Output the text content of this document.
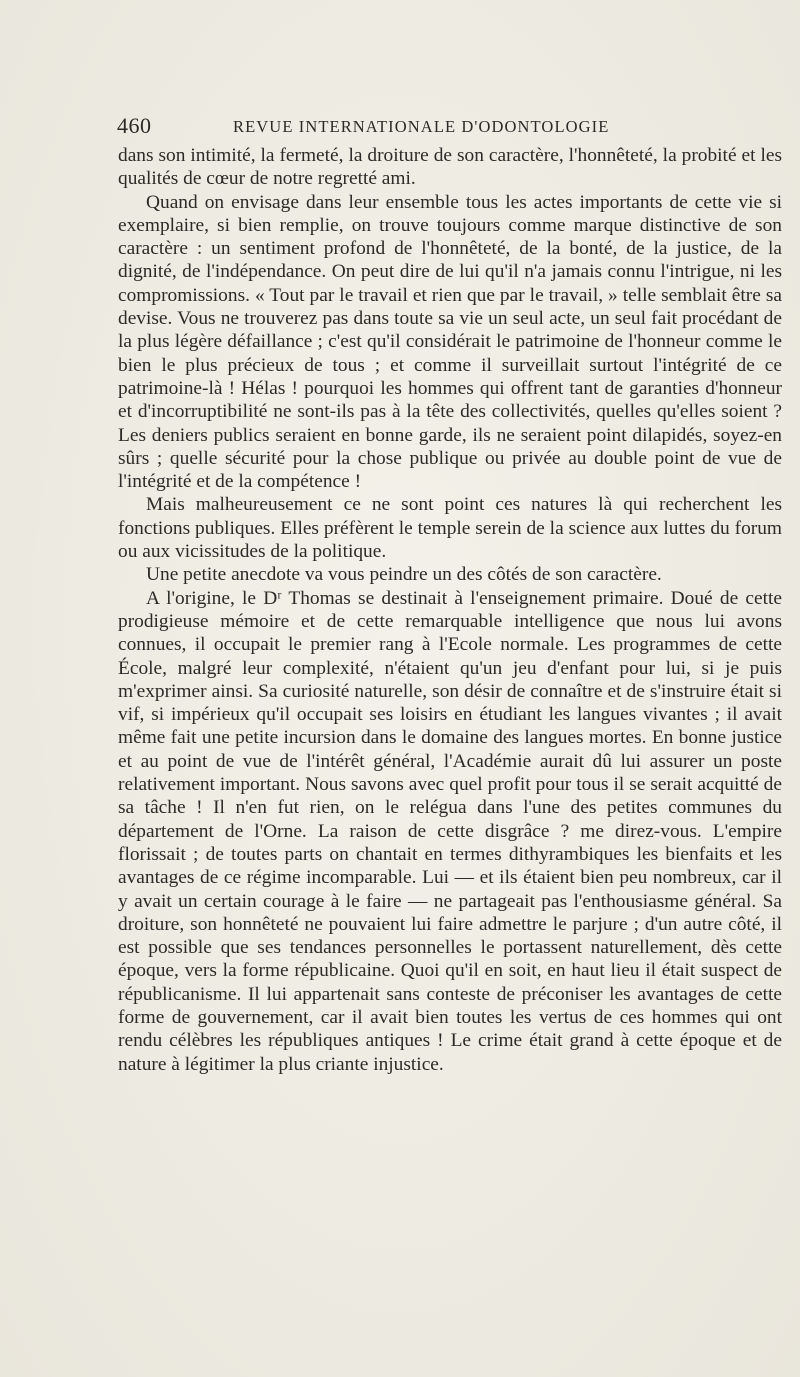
460	REVUE INTERNATIONALE D'ODONTOLOGIE

dans son intimité, la fermeté, la droiture de son caractère, l'honnêteté, la probité et les qualités de cœur de notre regretté ami.

Quand on envisage dans leur ensemble tous les actes importants de cette vie si exemplaire, si bien remplie, on trouve toujours comme marque distinctive de son caractère : un sentiment profond de l'honnêteté, de la bonté, de la justice, de la dignité, de l'indépendance. On peut dire de lui qu'il n'a jamais connu l'intrigue, ni les compromissions. « Tout par le travail et rien que par le travail, » telle semblait être sa devise. Vous ne trouverez pas dans toute sa vie un seul acte, un seul fait procédant de la plus légère défaillance ; c'est qu'il considérait le patrimoine de l'honneur comme le bien le plus précieux de tous ; et comme il surveillait surtout l'intégrité de ce patrimoine-là ! Hélas ! pourquoi les hommes qui offrent tant de garanties d'honneur et d'incorruptibilité ne sont-ils pas à la tête des collectivités, quelles qu'elles soient ? Les deniers publics seraient en bonne garde, ils ne seraient point dilapidés, soyez-en sûrs ; quelle sécurité pour la chose publique ou privée au double point de vue de l'intégrité et de la compétence !

Mais malheureusement ce ne sont point ces natures là qui recherchent les fonctions publiques. Elles préfèrent le temple serein de la science aux luttes du forum ou aux vicissitudes de la politique.

Une petite anecdote va vous peindre un des côtés de son caractère.

A l'origine, le Dʳ Thomas se destinait à l'enseignement primaire. Doué de cette prodigieuse mémoire et de cette remarquable intelligence que nous lui avons connues, il occupait le premier rang à l'Ecole normale. Les programmes de cette École, malgré leur complexité, n'étaient qu'un jeu d'enfant pour lui, si je puis m'exprimer ainsi. Sa curiosité naturelle, son désir de connaître et de s'instruire était si vif, si impérieux qu'il occupait ses loisirs en étudiant les langues vivantes ; il avait même fait une petite incursion dans le domaine des langues mortes. En bonne justice et au point de vue de l'intérêt général, l'Académie aurait dû lui assurer un poste relativement important. Nous savons avec quel profit pour tous il se serait acquitté de sa tâche ! Il n'en fut rien, on le relégua dans l'une des petites communes du département de l'Orne. La raison de cette disgrâce ? me direz-vous. L'empire florissait ; de toutes parts on chantait en termes dithyrambiques les bienfaits et les avantages de ce régime incomparable. Lui — et ils étaient bien peu nombreux, car il y avait un certain courage à le faire — ne partageait pas l'enthousiasme général. Sa droiture, son honnêteté ne pouvaient lui faire admettre le parjure ; d'un autre côté, il est possible que ses tendances personnelles le portassent naturellement, dès cette époque, vers la forme républicaine. Quoi qu'il en soit, en haut lieu il était suspect de républicanisme. Il lui appartenait sans conteste de préconiser les avantages de cette forme de gouvernement, car il avait bien toutes les vertus de ces hommes qui ont rendu célèbres les républiques antiques ! Le crime était grand à cette époque et de nature à légitimer la plus criante injustice.
